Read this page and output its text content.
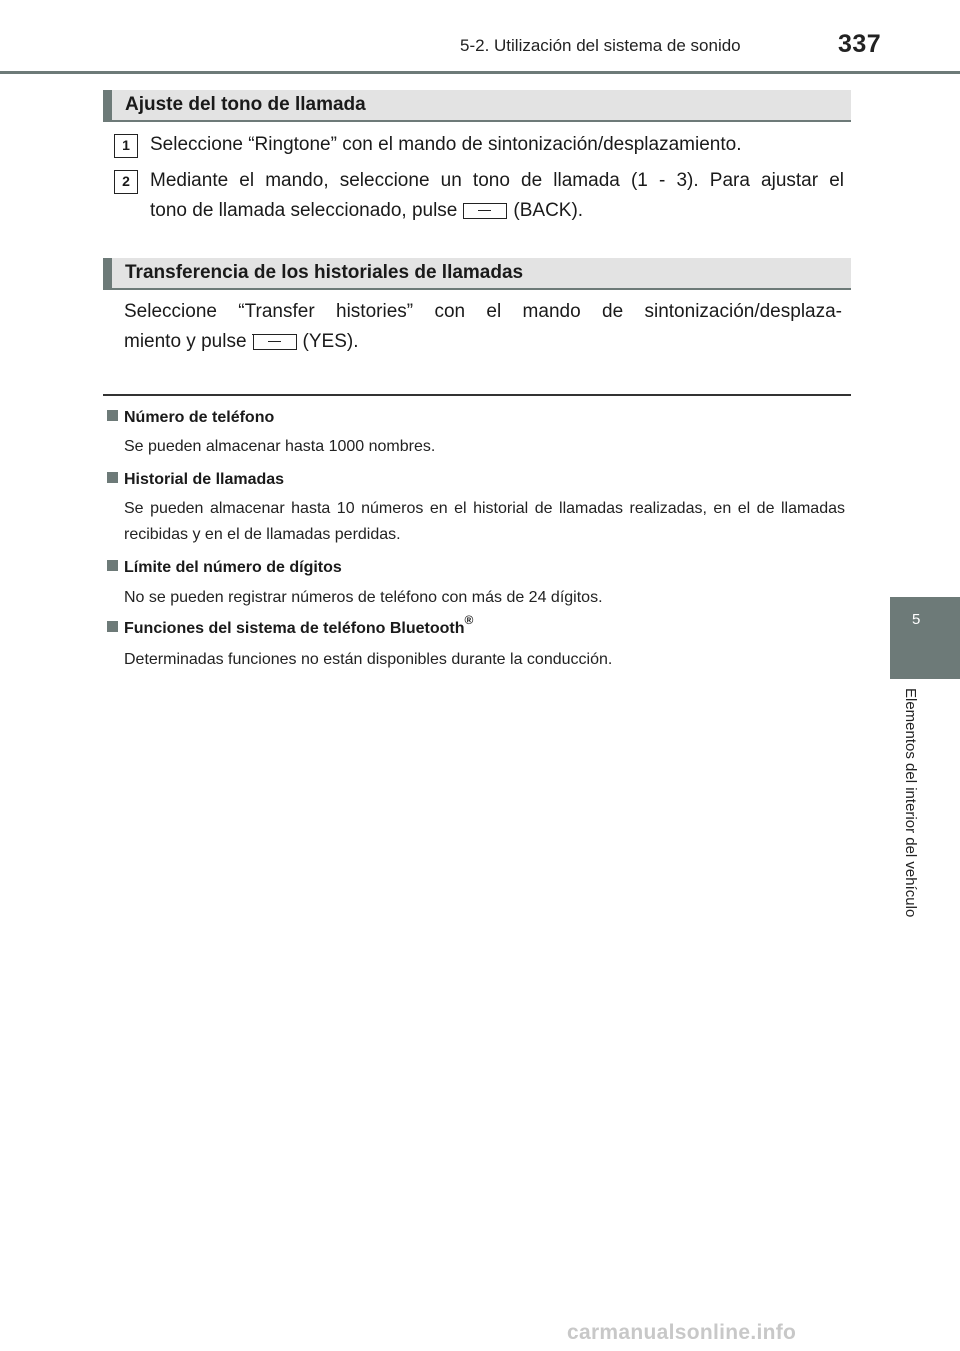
5-2. Utilización del sistema de sonido	337
5
Elementos del interior del vehículo
Ajuste del tono de llamada
1	Seleccione “Ringtone” con el mando de sintonización/desplazamiento.
2	Mediante el mando, seleccione un tono de llamada (1 - 3). Para ajustar el
tono de llamada seleccionado, pulse	(BACK).
Transferencia de los historiales de llamadas
Seleccione “Transfer histories” con el mando de sintonización/desplaza-
miento y pulse	(YES).
Número de teléfono
Se pueden almacenar hasta 1000 nombres.
Historial de llamadas
Se pueden almacenar hasta 10 números en el historial de llamadas realizadas, en el de llamadas recibidas y en el de llamadas perdidas.
Límite del número de dígitos
No se pueden registrar números de teléfono con más de 24 dígitos.
Funciones del sistema de teléfono Bluetooth®
Determinadas funciones no están disponibles durante la conducción.
carmanualsonline.info
